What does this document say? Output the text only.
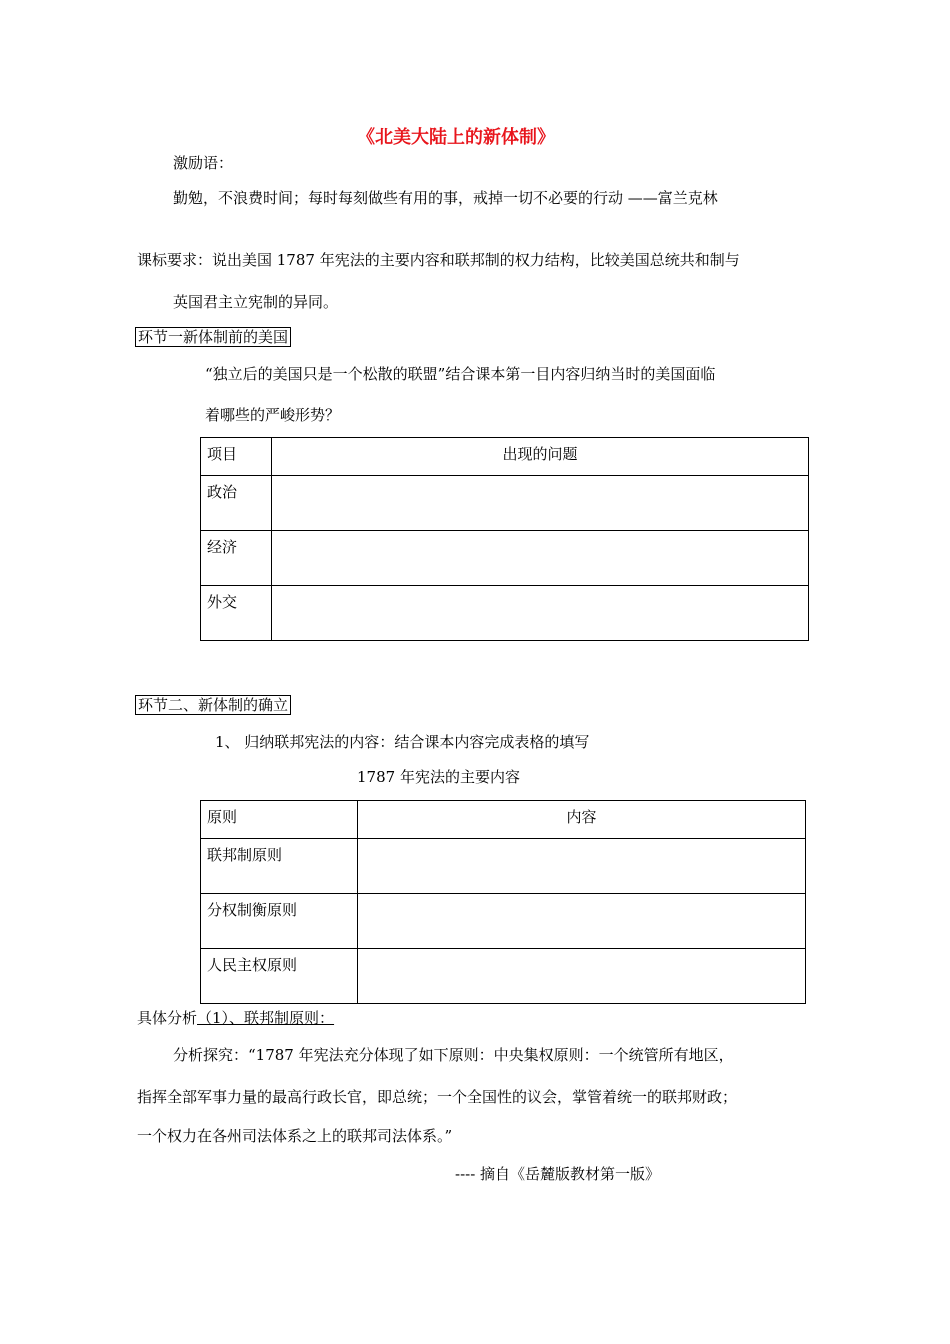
《北美大陆上的新体制》
激励语：
勤勉，不浪费时间；每时每刻做些有用的事，戒掉一切不必要的行动 ——富兰克林
课标要求：说出美国 1787 年宪法的主要内容和联邦制的权力结构，比较美国总统共和制与
英国君主立宪制的异同。
环节一新体制前的美国
“独立后的美国只是一个松散的联盟”结合课本第一目内容归纳当时的美国面临
着哪些的严峻形势？
项目	出现的问题
政治	
经济	
外交	
环节二、新体制的确立
1、 归纳联邦宪法的内容：结合课本内容完成表格的填写
1787 年宪法的主要内容
原则	内容
联邦制原则	
分权制衡原则	
人民主权原则	
具体分析（1）、联邦制原则：
分析探究：“1787 年宪法充分体现了如下原则：中央集权原则：一个统管所有地区，
指挥全部军事力量的最高行政长官，即总统；一个全国性的议会，掌管着统一的联邦财政；
一个权力在各州司法体系之上的联邦司法体系。”
---- 摘自《岳麓版教材第一版》
